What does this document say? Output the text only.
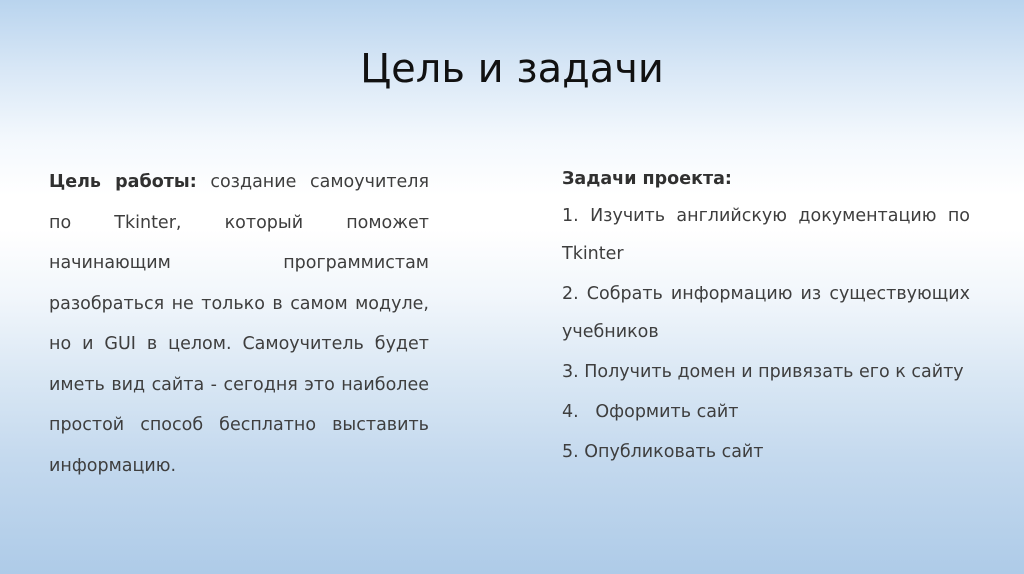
Цель и задачи
Цель работы: создание самоучителя по Tkinter, который поможет начинающим программистам разобраться не только в самом модуле, но и GUI в целом. Самоучитель будет иметь вид сайта - сегодня это наиболее простой способ бесплатно выставить информацию.
Задачи проекта:

1. Изучить английскую документацию по Tkinter

2. Собрать информацию из существующих учебников

3. Получить домен и привязать его к сайту

4.   Оформить сайт

5. Опубликовать сайт
